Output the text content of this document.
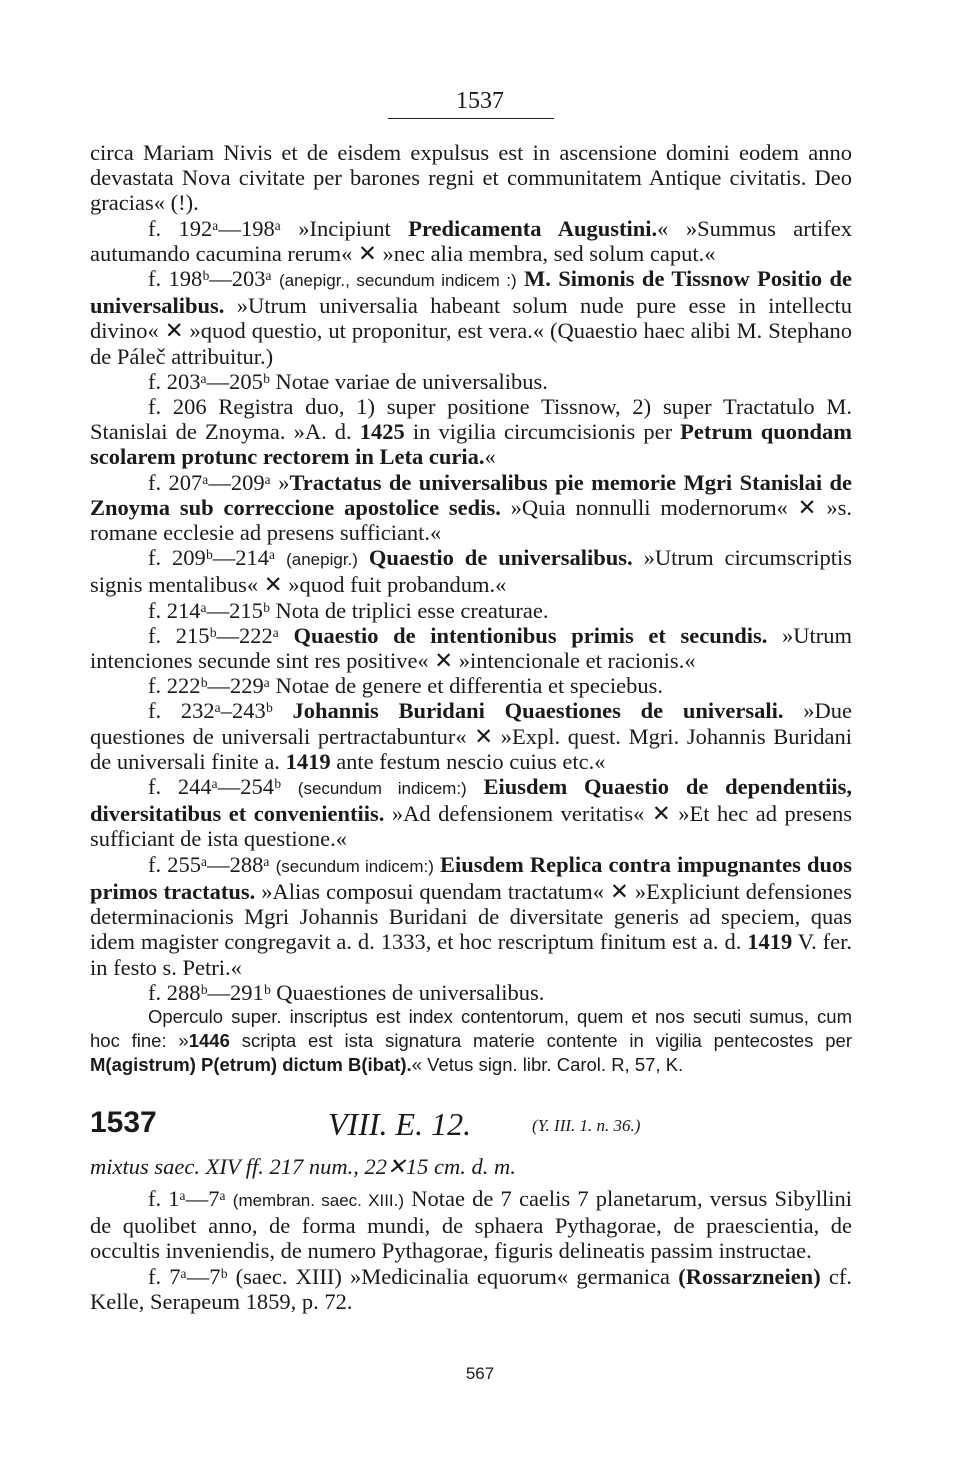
1537

circa Mariam Nivis et de eisdem expulsus est in ascensione domini eodem anno devastata Nova civitate per barones regni et communitatem Antique civitatis. Deo gracias« (!).

f. 192ᵃ—198ᵃ »Incipiunt Predicamenta Augustini.« »Summus artifex autumando cacumina rerum« ✕ »nec alia membra, sed solum caput.«

f. 198ᵇ—203ᵃ (anepigr., secundum indicem :) M. Simonis de Tissnow Positio de universalibus. »Utrum universalia habeant solum nude pure esse in intellectu divino« ✕ »quod questio, ut proponitur, est vera.« (Quaestio haec alibi M. Stephano de Páleč attribuitur.)

f. 203ᵃ—205ᵇ Notae variae de universalibus.

f. 206 Registra duo, 1) super positione Tissnow, 2) super Tractatulo M. Stanislai de Znoyma. »A. d. 1425 in vigilia circumcisionis per Petrum quondam scolarem protunc rectorem in Leta curia.«

f. 207ᵃ—209ᵃ »Tractatus de universalibus pie memorie Mgri Stanislai de Znoyma sub correccione apostolice sedis. »Quia nonnulli modernorum« ✕ »s. romane ecclesie ad presens sufficiant.«

f. 209ᵇ—214ᵃ (anepigr.) Quaestio de universalibus. »Utrum circumscriptis signis mentalibus« ✕ »quod fuit probandum.«

f. 214ᵃ—215ᵇ Nota de triplici esse creaturae.

f. 215ᵇ—222ᵃ Quaestio de intentionibus primis et secundis. »Utrum intenciones secunde sint res positive« ✕ »intencionale et racionis.«

f. 222ᵇ—229ᵃ Notae de genere et differentia et speciebus.

f. 232ᵃ–243ᵇ Johannis Buridani Quaestiones de universali. »Due questiones de universali pertractabuntur« ✕ »Expl. quest. Mgri. Johannis Buridani de universali finite a. 1419 ante festum nescio cuius etc.«

f. 244ᵃ—254ᵇ (secundum indicem:) Eiusdem Quaestio de dependentiis, diversitatibus et convenientiis. »Ad defensionem veritatis« ✕ »Et hec ad presens sufficiant de ista questione.«

f. 255ᵃ—288ᵃ (secundum indicem:) Eiusdem Replica contra impugnantes duos primos tractatus. »Alias composui quendam tractatum« ✕ »Expliciunt defensiones determinacionis Mgri Johannis Buridani de diversitate generis ad speciem, quas idem magister congregavit a. d. 1333, et hoc rescriptum finitum est a. d. 1419 V. fer. in festo s. Petri.«

f. 288ᵇ—291ᵇ Quaestiones de universalibus.

Operculo super. inscriptus est index contentorum, quem et nos secuti sumus, cum hoc fine: »1446 scripta est ista signatura materie contente in vigilia pentecostes per M(agistrum) P(etrum) dictum B(ibat).« Vetus sign. libr. Carol. R, 57, K.

1537	VIII. E. 12.	(Y. III. 1. n. 36.)
mixtus saec. XIV ff. 217 num., 22✕15 cm. d. m.

f. 1ᵃ—7ᵃ (membran. saec. XIII.) Notae de 7 caelis 7 planetarum, versus Sibyllini de quolibet anno, de forma mundi, de sphaera Pythagorae, de praescientia, de occultis inveniendis, de numero Pythagorae, figuris delineatis passim instructae.

f. 7ᵃ—7ᵇ (saec. XIII) »Medicinalia equorum« germanica (Rossarzneien) cf. Kelle, Serapeum 1859, p. 72.

567
